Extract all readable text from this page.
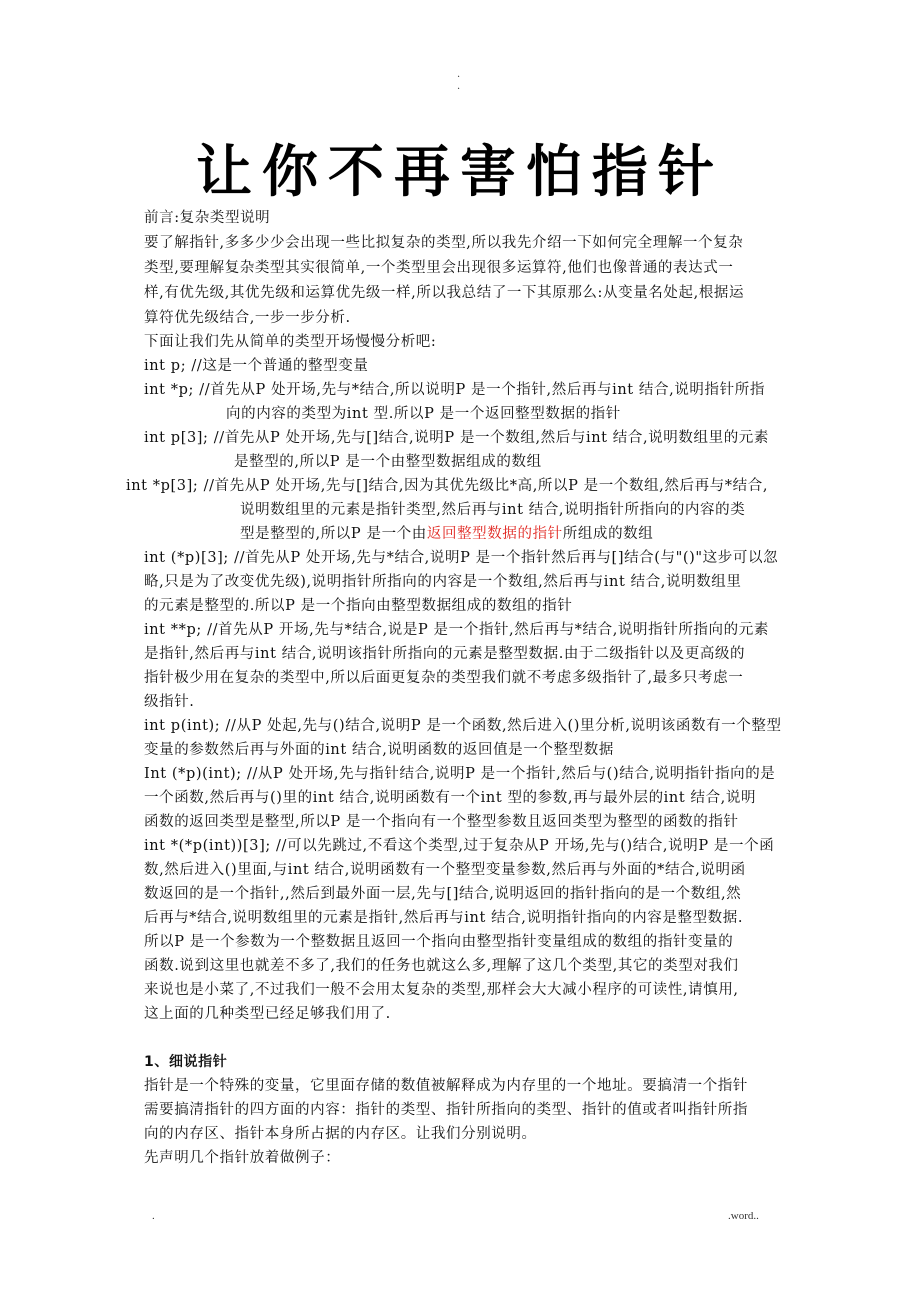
·
·
让你不再害怕指针
前言:复杂类型说明
要了解指针,多多少少会出现一些比拟复杂的类型,所以我先介绍一下如何完全理解一个复杂
类型,要理解复杂类型其实很简单,一个类型里会出现很多运算符,他们也像普通的表达式一
样,有优先级,其优先级和运算优先级一样,所以我总结了一下其原那么:从变量名处起,根据运
算符优先级结合,一步一步分析.
下面让我们先从简单的类型开场慢慢分析吧:
int p; //这是一个普通的整型变量
int *p; //首先从P 处开场,先与*结合,所以说明P 是一个指针,然后再与int 结合,说明指针所指
向的内容的类型为int 型.所以P 是一个返回整型数据的指针
int p[3]; //首先从P 处开场,先与[]结合,说明P 是一个数组,然后与int 结合,说明数组里的元素
是整型的,所以P 是一个由整型数据组成的数组
int *p[3]; //首先从P 处开场,先与[]结合,因为其优先级比*高,所以P 是一个数组,然后再与*结合,
说明数组里的元素是指针类型,然后再与int 结合,说明指针所指向的内容的类
型是整型的,所以P 是一个由返回整型数据的指针所组成的数组
int (*p)[3]; //首先从P 处开场,先与*结合,说明P 是一个指针然后再与[]结合(与"()"这步可以忽
略,只是为了改变优先级),说明指针所指向的内容是一个数组,然后再与int 结合,说明数组里
的元素是整型的.所以P 是一个指向由整型数据组成的数组的指针
int **p; //首先从P 开场,先与*结合,说是P 是一个指针,然后再与*结合,说明指针所指向的元素
是指针,然后再与int 结合,说明该指针所指向的元素是整型数据.由于二级指针以及更高级的
指针极少用在复杂的类型中,所以后面更复杂的类型我们就不考虑多级指针了,最多只考虑一
级指针.
int p(int); //从P 处起,先与()结合,说明P 是一个函数,然后进入()里分析,说明该函数有一个整型
变量的参数然后再与外面的int 结合,说明函数的返回值是一个整型数据
Int (*p)(int); //从P 处开场,先与指针结合,说明P 是一个指针,然后与()结合,说明指针指向的是
一个函数,然后再与()里的int 结合,说明函数有一个int 型的参数,再与最外层的int 结合,说明
函数的返回类型是整型,所以P 是一个指向有一个整型参数且返回类型为整型的函数的指针
int *(*p(int))[3]; //可以先跳过,不看这个类型,过于复杂从P 开场,先与()结合,说明P 是一个函
数,然后进入()里面,与int 结合,说明函数有一个整型变量参数,然后再与外面的*结合,说明函
数返回的是一个指针,,然后到最外面一层,先与[]结合,说明返回的指针指向的是一个数组,然
后再与*结合,说明数组里的元素是指针,然后再与int 结合,说明指针指向的内容是整型数据.
所以P 是一个参数为一个整数据且返回一个指向由整型指针变量组成的数组的指针变量的
函数.说到这里也就差不多了,我们的任务也就这么多,理解了这几个类型,其它的类型对我们
来说也是小菜了,不过我们一般不会用太复杂的类型,那样会大大减小程序的可读性,请慎用,
这上面的几种类型已经足够我们用了.
1、细说指针
指针是一个特殊的变量，它里面存储的数值被解释成为内存里的一个地址。要搞清一个指针
需要搞清指针的四方面的内容：指针的类型、指针所指向的类型、指针的值或者叫指针所指
向的内存区、指针本身所占据的内存区。让我们分别说明。
先声明几个指针放着做例子：
.	.word..
